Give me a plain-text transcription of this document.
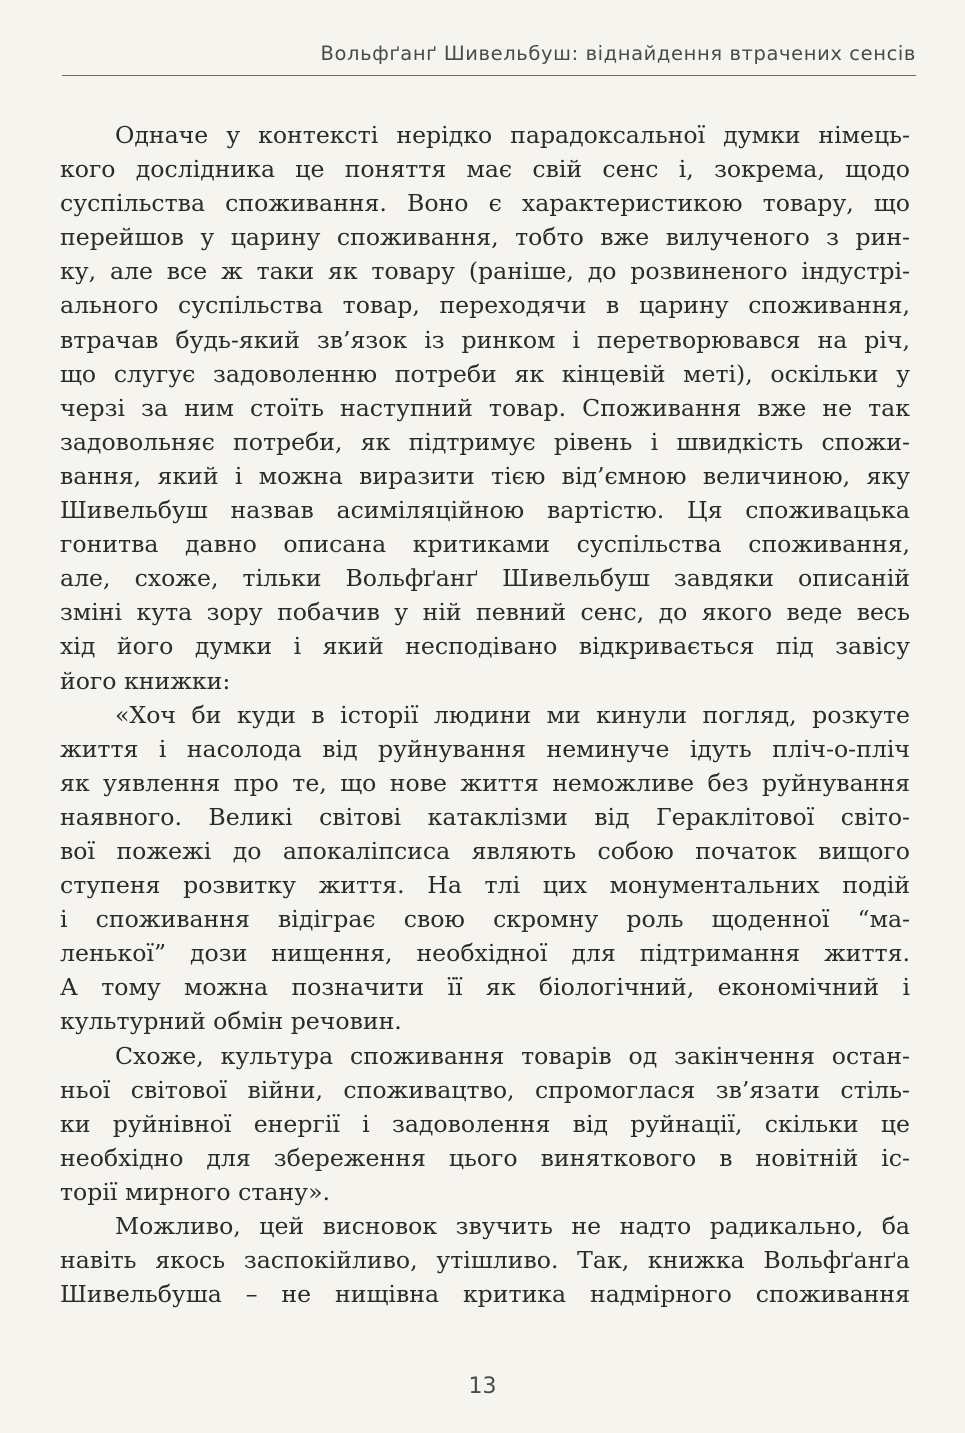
Вольфґанґ Шивельбуш: віднайдення втрачених сенсів

Одначе у контексті нерідко парадоксальної думки німець-
кого дослідника це поняття має свій сенс і, зокрема, щодо
суспільства споживання. Воно є характеристикою товару, що
перейшов у царину споживання, тобто вже вилученого з рин-
ку, але все ж таки як товару (раніше, до розвиненого індустрі-
ального суспільства товар, переходячи в царину споживання,
втрачав будь-який зв’язок із ринком і перетворювався на річ,
що слугує задоволенню потреби як кінцевій меті), оскільки у
черзі за ним стоїть наступний товар. Споживання вже не так
задовольняє потреби, як підтримує рівень і швидкість спожи-
вання, який і можна виразити тією від’ємною величиною, яку
Шивельбуш назвав асиміляційною вартістю. Ця споживацька
гонитва давно описана критиками суспільства споживання,
але, схоже, тільки Вольфґанґ Шивельбуш завдяки описаній
зміні кута зору побачив у ній певний сенс, до якого веде весь
хід його думки і який несподівано відкривається під завісу
його книжки:

«Хоч би куди в історії людини ми кинули погляд, розкуте
життя і насолода від руйнування неминуче ідуть пліч-о-пліч
як уявлення про те, що нове життя неможливе без руйнування
наявного. Великі світові катаклізми від Гераклітової світо-
вої пожежі до апокаліпсиса являють собою початок вищого
ступеня розвитку життя. На тлі цих монументальних подій
і споживання відіграє свою скромну роль щоденної “ма-
ленької” дози нищення, необхідної для підтримання життя.
А тому можна позначити її як біологічний, економічний і
культурний обмін речовин.

Схоже, культура споживання товарів од закінчення остан-
ньої світової війни, споживацтво, спромоглася зв’язати стіль-
ки руйнівної енергії і задоволення від руйнації, скільки це
необхідно для збереження цього виняткового в новітній іс-
торії мирного стану».

Можливо, цей висновок звучить не надто радикально, ба
навіть якось заспокійливо, утішливо. Так, книжка Вольфґанґа
Шивельбуша – не нищівна критика надмірного споживання

13
